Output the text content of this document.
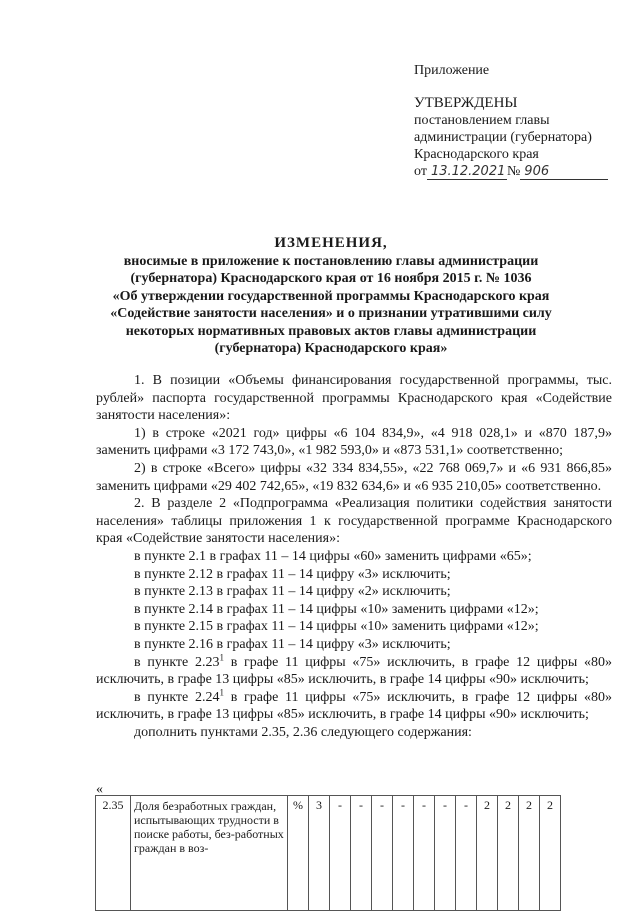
Приложение
УТВЕРЖДЕНЫ
постановлением главы
администрации (губернатора)
Краснодарского края
от 13.12.2021 № 906
ИЗМЕНЕНИЯ,
вносимые в приложение к постановлению главы администрации
(губернатора) Краснодарского края от 16 ноября 2015 г. № 1036
«Об утверждении государственной программы Краснодарского края
«Содействие занятости населения» и о признании утратившими силу
некоторых нормативных правовых актов главы администрации
(губернатора) Краснодарского края»

1. В позиции «Объемы финансирования государственной программы, тыс. рублей» паспорта государственной программы Краснодарского края «Содействие занятости населения»:

1) в строке «2021 год» цифры «6 104 834,9», «4 918 028,1» и «870 187,9» заменить цифрами «3 172 743,0», «1 982 593,0» и «873 531,1» соответственно;

2) в строке «Всего» цифры «32 334 834,55», «22 768 069,7» и «6 931 866,85» заменить цифрами «29 402 742,65», «19 832 634,6» и «6 935 210,05» соответственно.

2. В разделе 2 «Подпрограмма «Реализация политики содействия занятости населения» таблицы приложения 1 к государственной программе Краснодарского края «Содействие занятости населения»:

в пункте 2.1 в графах 11 – 14 цифры «60» заменить цифрами «65»;

в пункте 2.12 в графах 11 – 14 цифру «3» исключить;

в пункте 2.13 в графах 11 – 14 цифру «2» исключить;

в пункте 2.14 в графах 11 – 14 цифры «10» заменить цифрами «12»;

в пункте 2.15 в графах 11 – 14 цифры «10» заменить цифрами «12»;

в пункте 2.16 в графах 11 – 14 цифру «3» исключить;

в пункте 2.23$^1$ в графе 11 цифры «75» исключить, в графе 12 цифры «80» исключить, в графе 13 цифры «85» исключить, в графе 14 цифры «90» исключить;

в пункте 2.24$^1$ в графе 11 цифры «75» исключить, в графе 12 цифры «80» исключить, в графе 13 цифры «85» исключить, в графе 14 цифры «90» исключить;

дополнить пунктами 2.35, 2.36 следующего содержания:

«
2.35	Доля безработных граждан, испытывающих трудности в поиске работы, без-работных граждан в воз-	%	3	-	-	-	-	-	-	-	2	2	2	2
